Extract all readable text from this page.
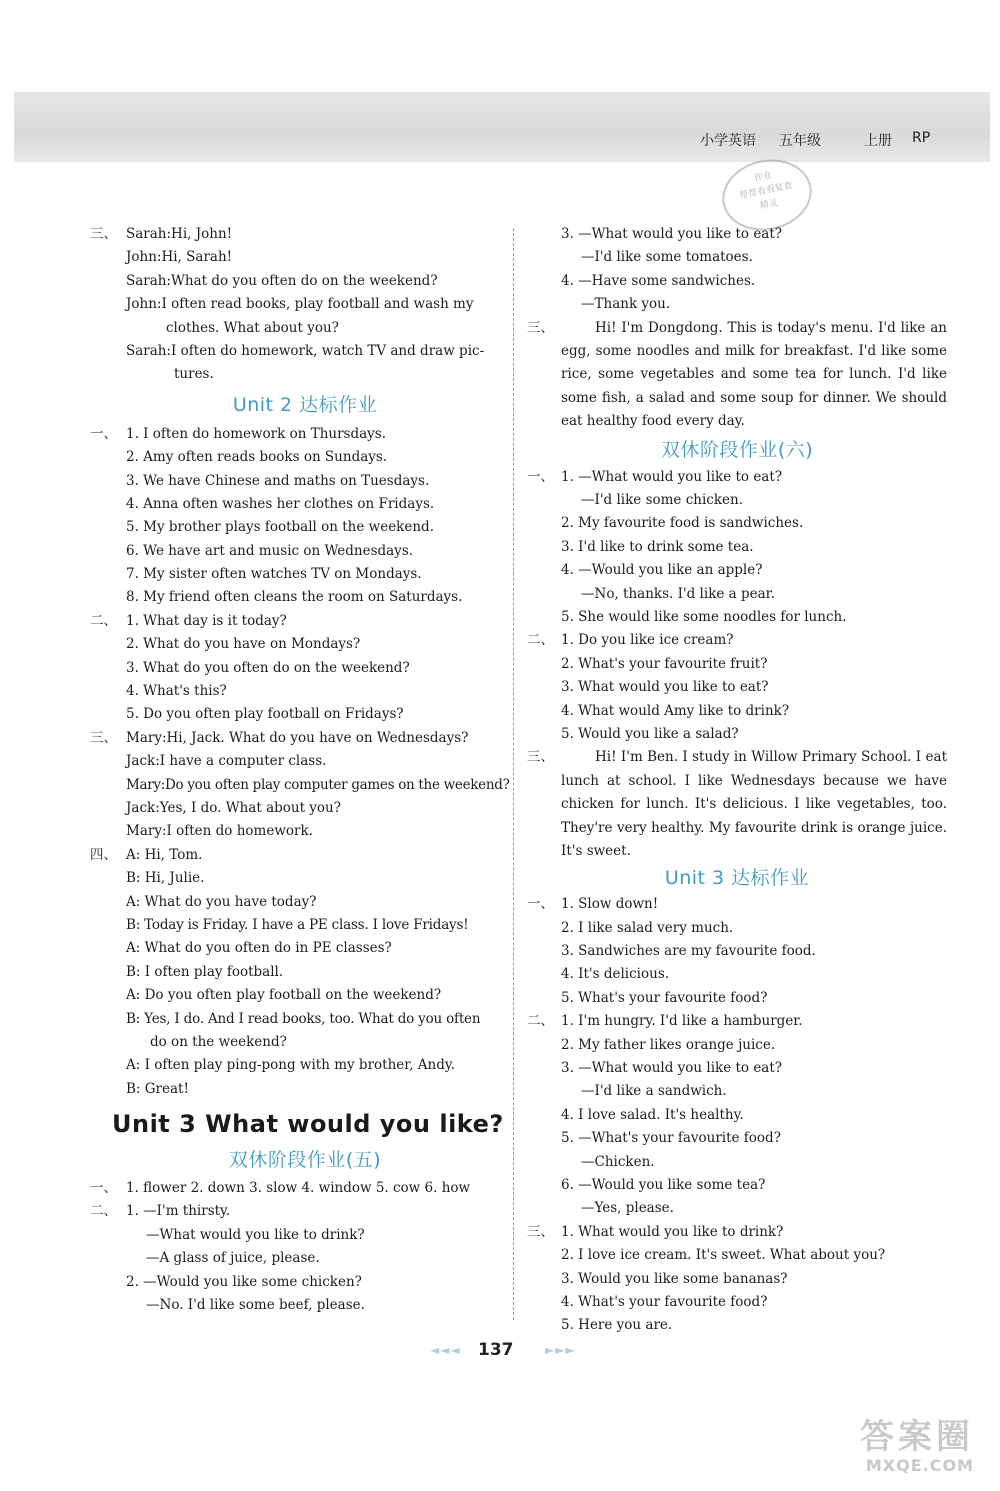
小学英语 五年级	上册 RP
作业
帮帮看看复查
精灵
三、 Sarah:Hi, John!
John:Hi, Sarah!
Sarah:What do you often do on the weekend?
John:I often read books, play football and wash my
clothes. What about you?
Sarah:I often do homework, watch TV and draw pic-
tures.
Unit 2 达标作业
一、 1. I often do homework on Thursdays.
2. Amy often reads books on Sundays.
3. We have Chinese and maths on Tuesdays.
4. Anna often washes her clothes on Fridays.
5. My brother plays football on the weekend.
6. We have art and music on Wednesdays.
7. My sister often watches TV on Mondays.
8. My friend often cleans the room on Saturdays.
二、 1. What day is it today?
2. What do you have on Mondays?
3. What do you often do on the weekend?
4. What's this?
5. Do you often play football on Fridays?
三、 Mary:Hi, Jack. What do you have on Wednesdays?
Jack:I have a computer class.
Mary:Do you often play computer games on the weekend?
Jack:Yes, I do. What about you?
Mary:I often do homework.
四、 A: Hi, Tom.
B: Hi, Julie.
A: What do you have today?
B: Today is Friday. I have a PE class. I love Fridays!
A: What do you often do in PE classes?
B: I often play football.
A: Do you often play football on the weekend?
B: Yes, I do. And I read books, too. What do you often
do on the weekend?
A: I often play ping-pong with my brother, Andy.
B: Great!
Unit 3 What would you like?
双休阶段作业(五)
一、 1. flower 2. down 3. slow 4. window 5. cow 6. how
二、 1. —I'm thirsty.
—What would you like to drink?
—A glass of juice, please.
2. —Would you like some chicken?
—No. I'd like some beef, please.
3. —What would you like to eat?
—I'd like some tomatoes.
4. —Have some sandwiches.
—Thank you.
三、	Hi! I'm Dongdong. This is today's menu. I'd like an egg, some noodles and milk for breakfast. I'd like some rice, some vegetables and some tea for lunch. I'd like some fish, a salad and some soup for dinner. We should eat healthy food every day.
双休阶段作业(六)
一、 1. —What would you like to eat?
—I'd like some chicken.
2. My favourite food is sandwiches.
3. I'd like to drink some tea.
4. —Would you like an apple?
—No, thanks. I'd like a pear.
5. She would like some noodles for lunch.
二、 1. Do you like ice cream?
2. What's your favourite fruit?
3. What would you like to eat?
4. What would Amy like to drink?
5. Would you like a salad?
三、	Hi! I'm Ben. I study in Willow Primary School. I eat lunch at school. I like Wednesdays because we have chicken for lunch. It's delicious. I like vegetables, too. They're very healthy. My favourite drink is orange juice. It's sweet.
Unit 3 达标作业
一、 1. Slow down!
2. I like salad very much.
3. Sandwiches are my favourite food.
4. It's delicious.
5. What's your favourite food?
二、 1. I'm hungry. I'd like a hamburger.
2. My father likes orange juice.
3. —What would you like to eat?
—I'd like a sandwich.
4. I love salad. It's healthy.
5. —What's your favourite food?
—Chicken.
6. —Would you like some tea?
—Yes, please.
三、 1. What would you like to drink?
2. I love ice cream. It's sweet. What about you?
3. Would you like some bananas?
4. What's your favourite food?
5. Here you are.
◄◄◄ 137	►►►
答案圈
MXQE.COM
